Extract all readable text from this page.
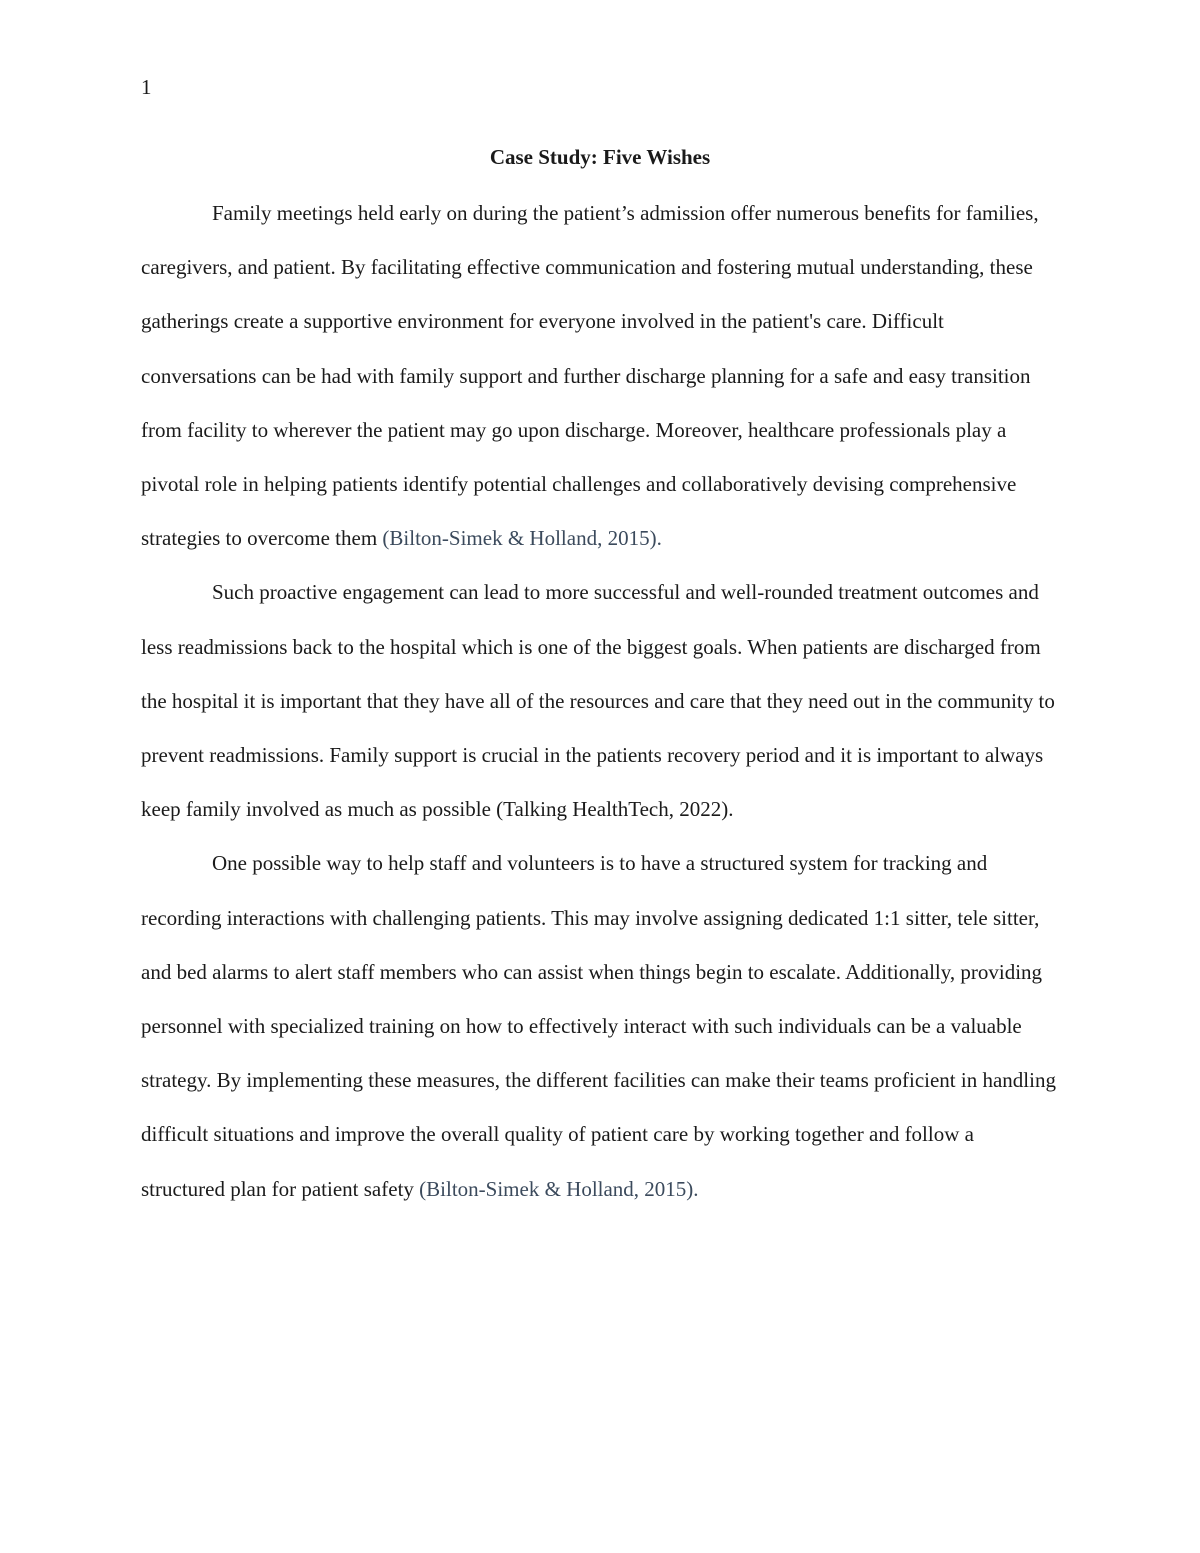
1
Case Study: Five Wishes

Family meetings held early on during the patient’s admission offer numerous benefits for families, caregivers, and patient. By facilitating effective communication and fostering mutual understanding, these gatherings create a supportive environment for everyone involved in the patient's care. Difficult conversations can be had with family support and further discharge planning for a safe and easy transition from facility to wherever the patient may go upon discharge. Moreover, healthcare professionals play a pivotal role in helping patients identify potential challenges and collaboratively devising comprehensive strategies to overcome them (Bilton-Simek & Holland, 2015).

Such proactive engagement can lead to more successful and well-rounded treatment outcomes and less readmissions back to the hospital which is one of the biggest goals. When patients are discharged from the hospital it is important that they have all of the resources and care that they need out in the community to prevent readmissions. Family support is crucial in the patients recovery period and it is important to always keep family involved as much as possible (Talking HealthTech, 2022).

One possible way to help staff and volunteers is to have a structured system for tracking and recording interactions with challenging patients. This may involve assigning dedicated 1:1 sitter, tele sitter, and bed alarms to alert staff members who can assist when things begin to escalate. Additionally, providing personnel with specialized training on how to effectively interact with such individuals can be a valuable strategy. By implementing these measures, the different facilities can make their teams proficient in handling difficult situations and improve the overall quality of patient care by working together and follow a structured plan for patient safety (Bilton-Simek & Holland, 2015).
